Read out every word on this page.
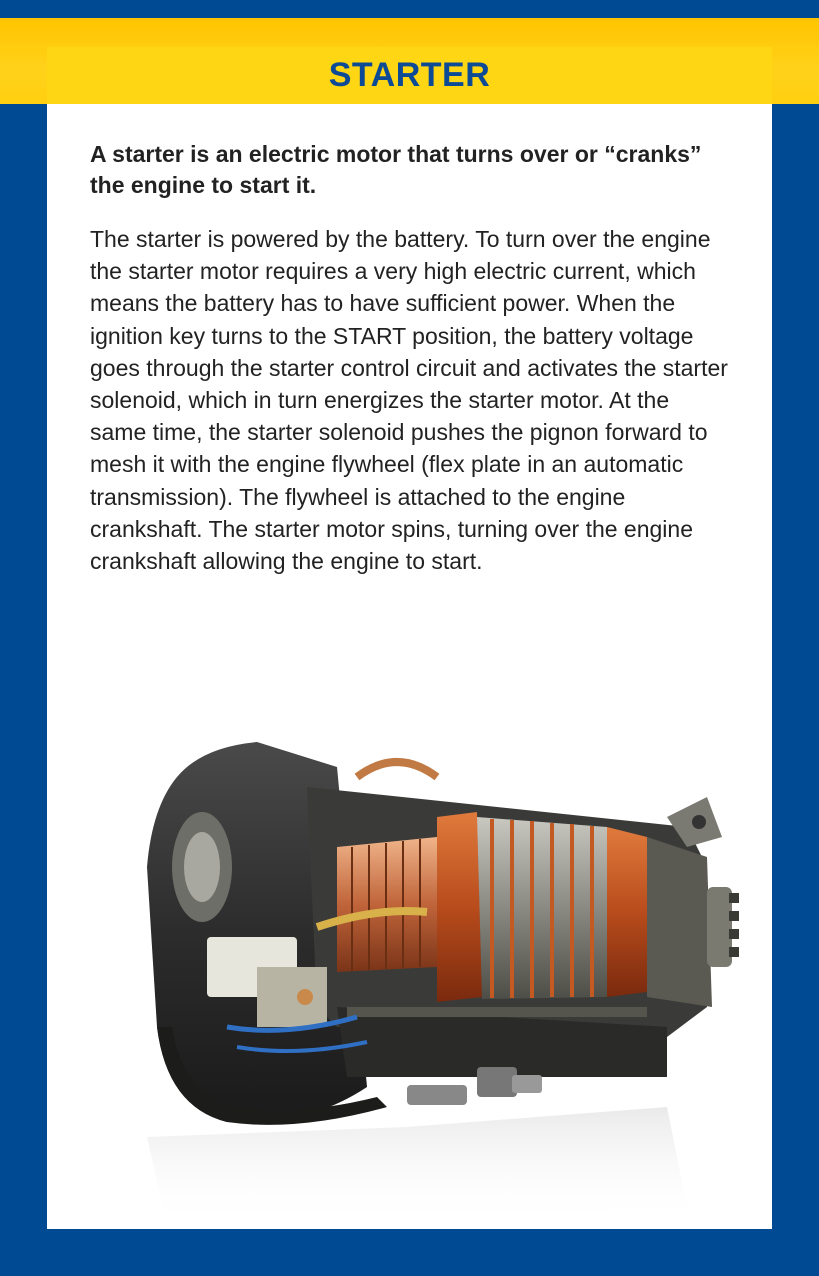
STARTER

A starter is an electric motor that turns over or “cranks” the engine to start it.

The starter is powered by the battery. To turn over the engine the starter motor requires a very high electric current, which means the battery has to have sufficient power. When the ignition key turns to the START position, the battery voltage goes through the starter control circuit and activates the starter solenoid, which in turn energizes the starter motor. At the same time, the starter solenoid pushes the pignon forward to mesh it with the engine flywheel (flex plate in an automatic transmission). The flywheel is attached to the engine crankshaft. The starter motor spins, turning over the engine crankshaft allowing the engine to start.
